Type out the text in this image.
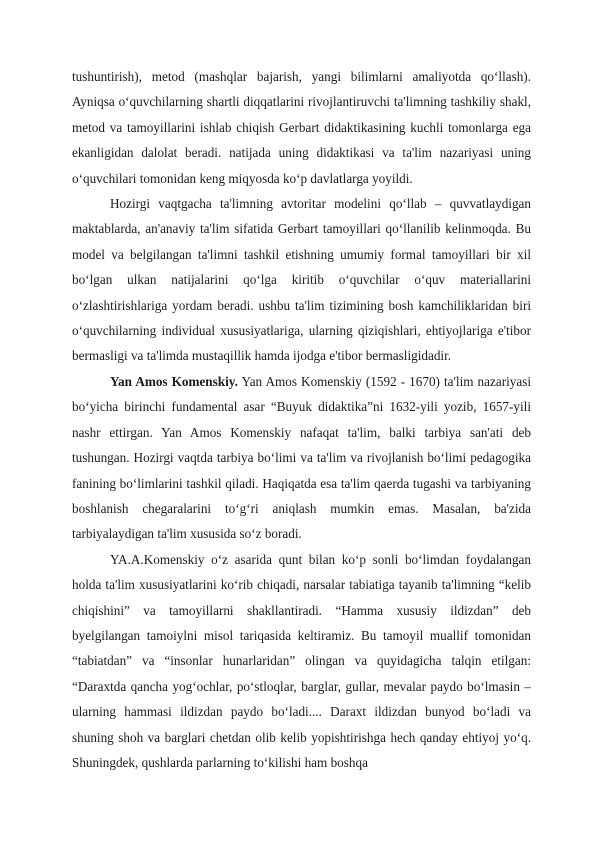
tushuntirish), metod (mashqlar bajarish, yangi bilimlarni amaliyotda qo‘llash). Ayniqsa o‘quvchilarning shartli diqqatlarini rivojlantiruvchi ta'limning tashkiliy shakl, metod va tamoyillarini ishlab chiqish Gerbart didaktikasining kuchli tomonlarga ega ekanligidan dalolat beradi. natijada uning didaktikasi va ta'lim nazariyasi uning o‘quvchilari tomonidan keng miqyosda ko‘p davlatlarga yoyildi.

Hozirgi vaqtgacha ta'limning avtoritar modelini qo‘llab – quvvatlaydigan maktablarda, an'anaviy ta'lim sifatida Gerbart tamoyillari qo‘llanilib kelinmoqda. Bu model va belgilangan ta'limni tashkil etishning umumiy formal tamoyillari bir xil bo‘lgan ulkan natijalarini qo‘lga kiritib o‘quvchilar o‘quv materiallarini o‘zlashtirishlariga yordam beradi. ushbu ta'lim tizimining bosh kamchiliklaridan biri o‘quvchilarning individual xususiyatlariga, ularning qiziqishlari, ehtiyojlariga e'tibor bermasligi va ta'limda mustaqillik hamda ijodga e'tibor bermasligidadir.

Yan Amos Komenskiy. Yan Amos Komenskiy (1592 - 1670) ta'lim nazariyasi bo‘yicha birinchi fundamental asar “Buyuk didaktika”ni 1632-yili yozib, 1657-yili nashr ettirgan. Yan Amos Komenskiy nafaqat ta'lim, balki tarbiya san'ati deb tushungan. Hozirgi vaqtda tarbiya bo‘limi va ta'lim va rivojlanish bo‘limi pedagogika fanining bo‘limlarini tashkil qiladi. Haqiqatda esa ta'lim qaerda tugashi va tarbiyaning boshlanish chegaralarini to‘g‘ri aniqlash mumkin emas. Masalan, ba'zida tarbiyalaydigan ta'lim xususida so‘z boradi.

YA.A.Komenskiy o‘z asarida qunt bilan ko‘p sonli bo‘limdan foydalangan holda ta'lim xususiyatlarini ko‘rib chiqadi, narsalar tabiatiga tayanib ta'limning “kelib chiqishini” va tamoyillarni shakllantiradi. “Hamma xususiy ildizdan” deb byelgilangan tamoiylni misol tariqasida keltiramiz. Bu tamoyil muallif tomonidan “tabiatdan” va “insonlar hunarlaridan” olingan va quyidagicha talqin etilgan: “Daraxtda qancha yog‘ochlar, po‘stloqlar, barglar, gullar, mevalar paydo bo‘lmasin – ularning hammasi ildizdan paydo bo‘ladi.... Daraxt ildizdan bunyod bo‘ladi va shuning shoh va barglari chetdan olib kelib yopishtirishga hech qanday ehtiyoj yo‘q. Shuningdek, qushlarda parlarning to‘kilishi ham boshqa
